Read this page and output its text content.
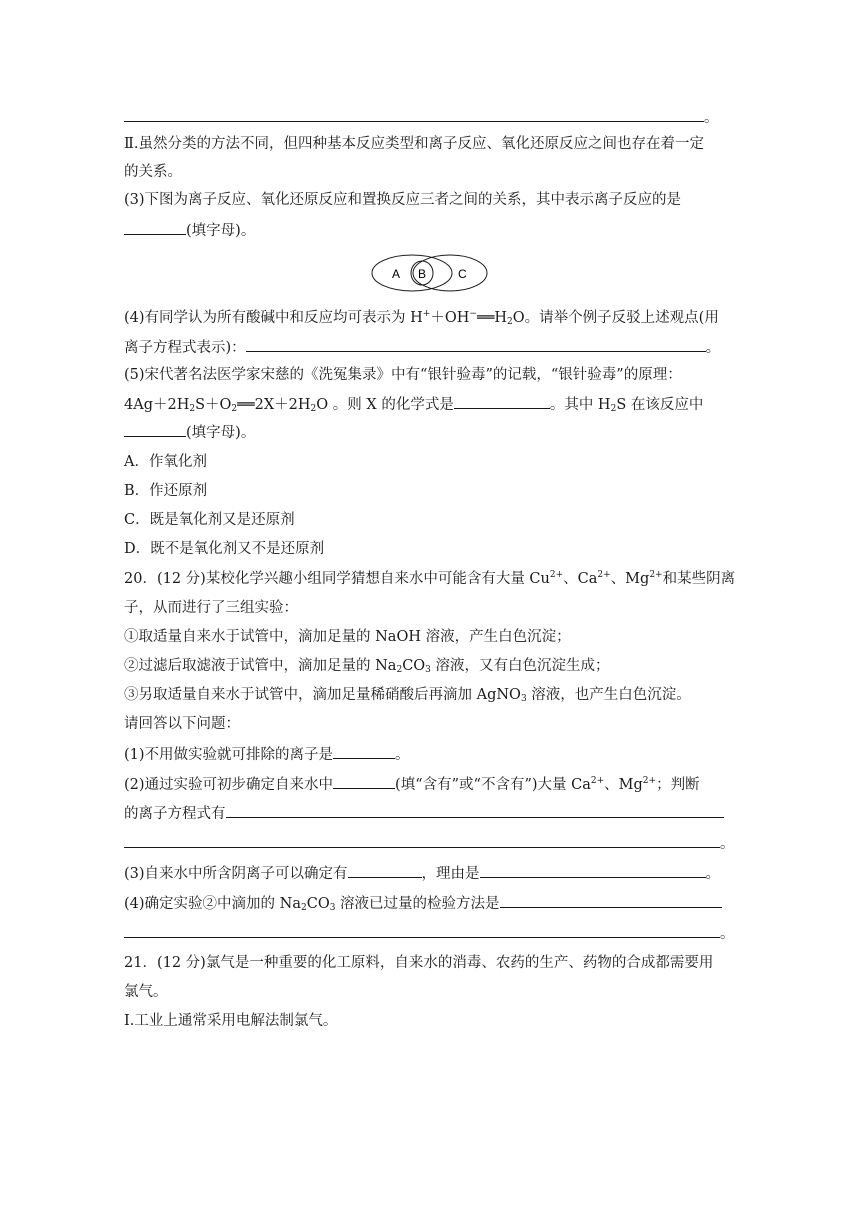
。
Ⅱ.虽然分类的方法不同，但四种基本反应类型和离子反应、氧化还原反应之间也存在着一定
的关系。
(3)下图为离子反应、氧化还原反应和置换反应三者之间的关系，其中表示离子反应的是
(填字母)。
A B	C
(4)有同学认为所有酸碱中和反应均可表示为 $H^++OH^-══H_2O$。请举个例子反驳上述观点(用
离子方程式表示)：	。
(5)宋代著名法医学家宋慈的《洗冤集录》中有“银针验毒”的记载，“银针验毒”的原理：
$4Ag+2H_2S+O_2══2X+2H_2O$ 。则 X 的化学式是	。其中 $H_2S$ 在该反应中
(填字母)。
A．作氧化剂
B．作还原剂
C．既是氧化剂又是还原剂
D．既不是氧化剂又不是还原剂
20．(12 分)某校化学兴趣小组同学猜想自来水中可能含有大量 $Cu^{2+}$、$Ca^{2+}$、$Mg^{2+}$和某些阴离
子，从而进行了三组实验：
①取适量自来水于试管中，滴加足量的 NaOH 溶液，产生白色沉淀；
②过滤后取滤液于试管中，滴加足量的 $Na_2CO_3$ 溶液，又有白色沉淀生成；
③另取适量自来水于试管中，滴加足量稀硝酸后再滴加 AgNO$_3$ 溶液，也产生白色沉淀。
请回答以下问题：
(1)不用做实验就可排除的离子是	。
(2)通过实验可初步确定自来水中	(填“含有”或“不含有”)大量 $Ca^{2+}$、$Mg^{2+}$；判断
的离子方程式有
。
(3)自来水中所含阴离子可以确定有	，理由是	。
(4)确定实验②中滴加的 $Na_2CO_3$ 溶液已过量的检验方法是
。
21．(12 分)氯气是一种重要的化工原料，自来水的消毒、农药的生产、药物的合成都需要用
氯气。
Ⅰ.工业上通常采用电解法制氯气。
